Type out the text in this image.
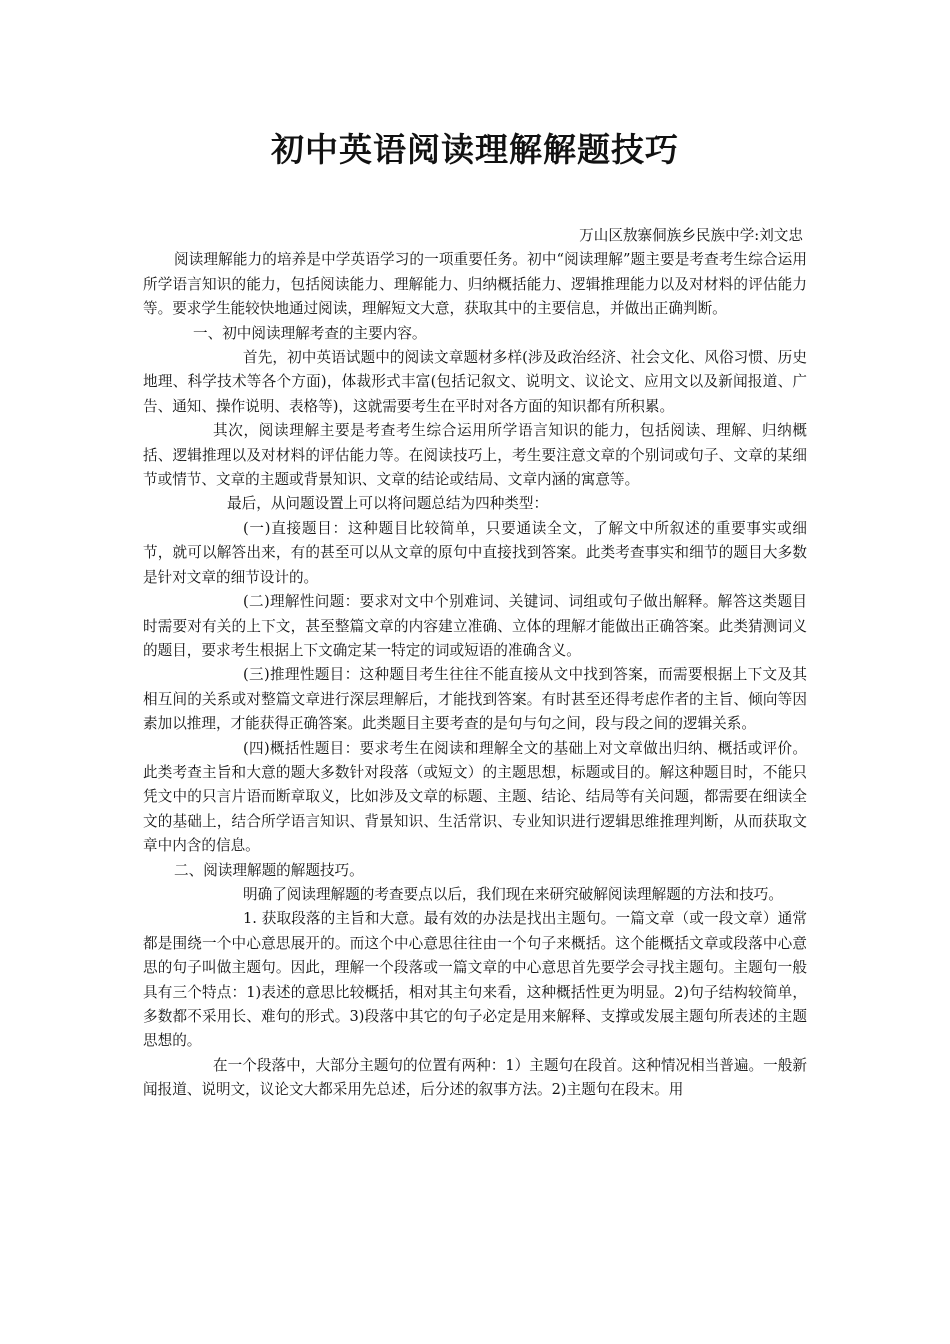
初中英语阅读理解解题技巧

万山区敖寨侗族乡民族中学:刘文忠

阅读理解能力的培养是中学英语学习的一项重要任务。初中“阅读理解”题主要是考查考生综合运用所学语言知识的能力，包括阅读能力、理解能力、归纳概括能力、逻辑推理能力以及对材料的评估能力等。要求学生能较快地通过阅读，理解短文大意，获取其中的主要信息，并做出正确判断。

一、初中阅读理解考查的主要内容。

首先，初中英语试题中的阅读文章题材多样(涉及政治经济、社会文化、风俗习惯、历史地理、科学技术等各个方面)，体裁形式丰富(包括记叙文、说明文、议论文、应用文以及新闻报道、广告、通知、操作说明、表格等)，这就需要考生在平时对各方面的知识都有所积累。

其次，阅读理解主要是考查考生综合运用所学语言知识的能力，包括阅读、理解、归纳概括、逻辑推理以及对材料的评估能力等。在阅读技巧上，考生要注意文章的个别词或句子、文章的某细节或情节、文章的主题或背景知识、文章的结论或结局、文章内涵的寓意等。

最后，从问题设置上可以将问题总结为四种类型：

(一)直接题目：这种题目比较简单，只要通读全文，了解文中所叙述的重要事实或细节，就可以解答出来，有的甚至可以从文章的原句中直接找到答案。此类考查事实和细节的题目大多数是针对文章的细节设计的。

(二)理解性问题：要求对文中个别难词、关键词、词组或句子做出解释。解答这类题目时需要对有关的上下文，甚至整篇文章的内容建立准确、立体的理解才能做出正确答案。此类猜测词义的题目，要求考生根据上下文确定某一特定的词或短语的准确含义。

(三)推理性题目：这种题目考生往往不能直接从文中找到答案，而需要根据上下文及其相互间的关系或对整篇文章进行深层理解后，才能找到答案。有时甚至还得考虑作者的主旨、倾向等因素加以推理，才能获得正确答案。此类题目主要考查的是句与句之间，段与段之间的逻辑关系。

(四)概括性题目：要求考生在阅读和理解全文的基础上对文章做出归纳、概括或评价。此类考查主旨和大意的题大多数针对段落（或短文）的主题思想，标题或目的。解这种题目时，不能只凭文中的只言片语而断章取义，比如涉及文章的标题、主题、结论、结局等有关问题，都需要在细读全文的基础上，结合所学语言知识、背景知识、生活常识、专业知识进行逻辑思维推理判断，从而获取文章中内含的信息。

二、阅读理解题的解题技巧。

明确了阅读理解题的考查要点以后，我们现在来研究破解阅读理解题的方法和技巧。

1. 获取段落的主旨和大意。最有效的办法是找出主题句。一篇文章（或一段文章）通常都是围绕一个中心意思展开的。而这个中心意思往往由一个句子来概括。这个能概括文章或段落中心意思的句子叫做主题句。因此，理解一个段落或一篇文章的中心意思首先要学会寻找主题句。主题句一般具有三个特点：1)表述的意思比较概括，相对其主句来看，这种概括性更为明显。2)句子结构较简单，多数都不采用长、难句的形式。3)段落中其它的句子必定是用来解释、支撑或发展主题句所表述的主题思想的。

在一个段落中，大部分主题句的位置有两种：1）主题句在段首。这种情况相当普遍。一般新闻报道、说明文，议论文大都采用先总述，后分述的叙事方法。2)主题句在段末。用
